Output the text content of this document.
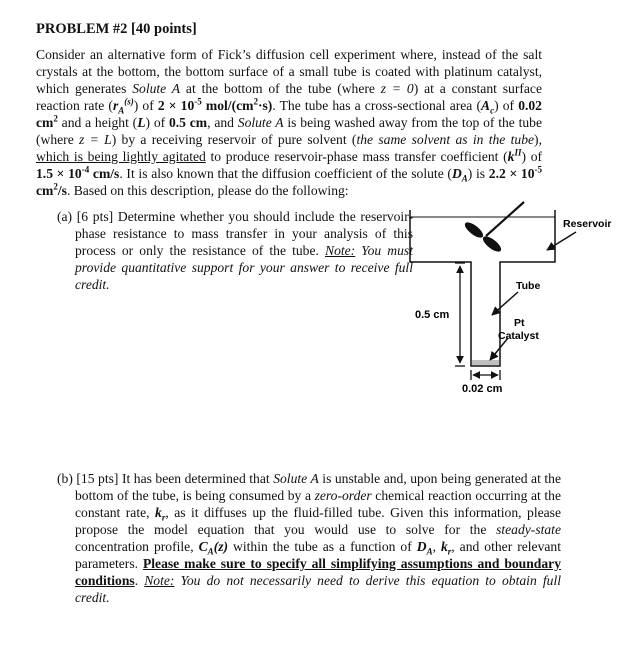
PROBLEM #2 [40 points]
Consider an alternative form of Fick’s diffusion cell experiment where, instead of the salt crystals at the bottom, the bottom surface of a small tube is coated with platinum catalyst, which generates Solute A at the bottom of the tube (where z = 0) at a constant surface reaction rate $(r_A^{(s)})$ of $2 \times 10^{-5}$ mol/$(cm^2\cdot s)$. The tube has a cross-sectional area $(A_c)$ of 0.02 $cm^2$ and a height (L) of 0.5 cm, and Solute A is being washed away from the top of the tube (where z = L) by a receiving reservoir of pure solvent (the same solvent as in the tube), which is being lightly agitated to produce reservoir-phase mass transfer coefficient $(k^{II})$ of $1.5 \times 10^{-4}$ cm/s. It is also known that the diffusion coefficient of the solute $(D_A)$ is $2.2 \times 10^{-5}$ $cm^2/s$. Based on this description, please do the following:
(a) [6 pts] Determine whether you should include the reservoir-phase resistance to mass transfer in your analysis of this process or only the resistance of the tube. Note: You must provide quantitative support for your answer to receive full credit.
Reservoir
Tube
Pt
Catalyst
0.5 cm
0.02 cm
(b) [15 pts] It has been determined that Solute A is unstable and, upon being generated at the bottom of the tube, is being consumed by a zero-order chemical reaction occurring at the constant rate, $k_r$, as it diffuses up the fluid-filled tube. Given this information, please propose the model equation that you would use to solve for the steady-state concentration profile, $C_A(z)$ within the tube as a function of $D_A$, $k_r$, and other relevant parameters. Please make sure to specify all simplifying assumptions and boundary conditions. Note: You do not necessarily need to derive this equation to obtain full credit.
